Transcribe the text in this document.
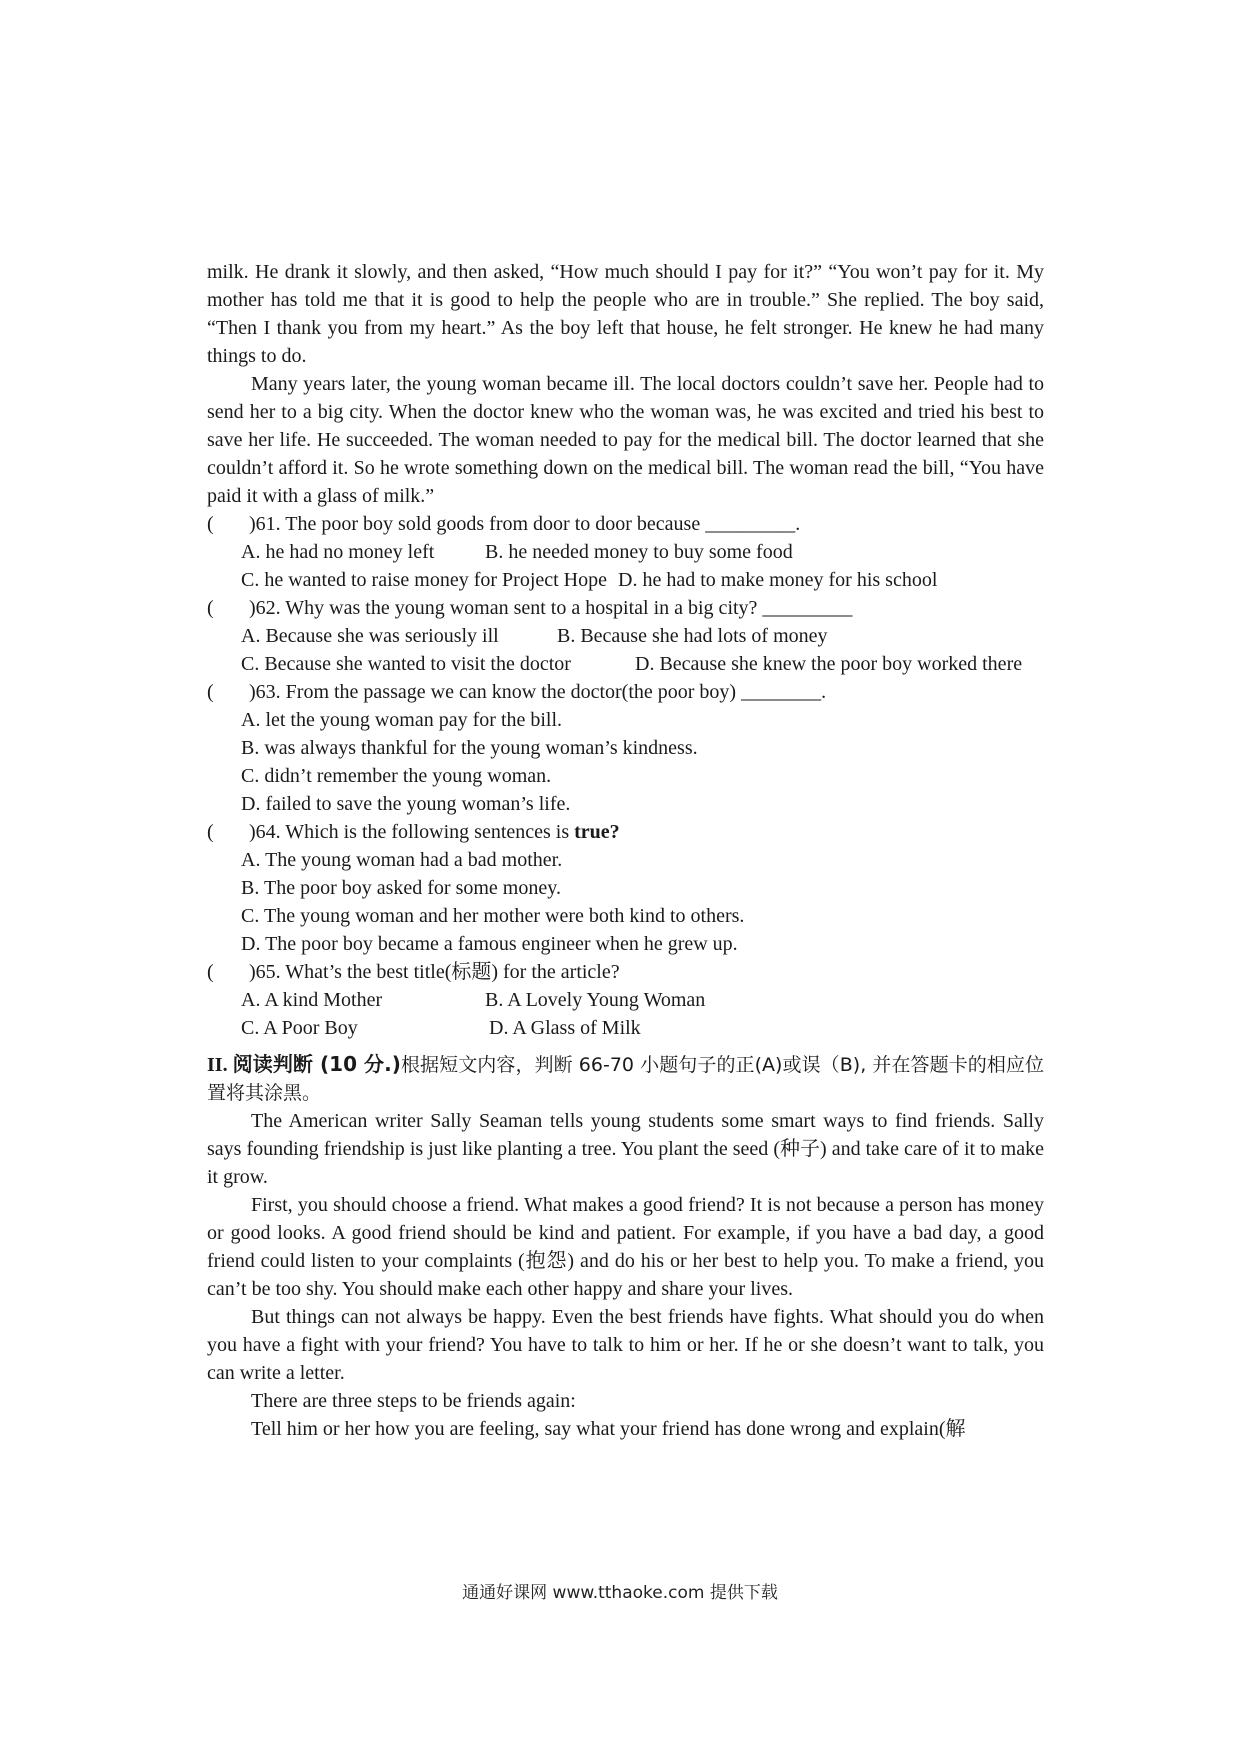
milk. He drank it slowly, and then asked, “How much should I pay for it?” “You won’t pay for it. My mother has told me that it is good to help the people who are in trouble.” She replied. The boy said, “Then I thank you from my heart.” As the boy left that house, he felt stronger. He knew he had many things to do.

Many years later, the young woman became ill. The local doctors couldn’t save her. People had to send her to a big city. When the doctor knew who the woman was, he was excited and tried his best to save her life. He succeeded. The woman needed to pay for the medical bill. The doctor learned that she couldn’t afford it. So he wrote something down on the medical bill. The woman read the bill, “You have paid it with a glass of milk.”

( )61. The poor boy sold goods from door to door because _________.
A. he had no money left	B. he needed money to buy some food
C. he wanted to raise money for Project Hope D. he had to make money for his school
( )62. Why was the young woman sent to a hospital in a big city? _________
A. Because she was seriously ill	B. Because she had lots of money
C. Because she wanted to visit the doctor	D. Because she knew the poor boy worked there
( )63. From the passage we can know the doctor(the poor boy) ________.
A. let the young woman pay for the bill.
B. was always thankful for the young woman’s kindness.
C. didn’t remember the young woman.
D. failed to save the young woman’s life.
( )64. Which is the following sentences is true?
A. The young woman had a bad mother.
B. The poor boy asked for some money.
C. The young woman and her mother were both kind to others.
D. The poor boy became a famous engineer when he grew up.
( )65. What’s the best title(标题) for the article?
A. A kind Mother	B. A Lovely Young Woman
C. A Poor Boy	D. A Glass of Milk
II. 阅读判断 (10 分.)根据短文内容，判断 66-70 小题句子的正(A)或误（B), 并在答题卡的相应位置将其涂黑。

The American writer Sally Seaman tells young students some smart ways to find friends. Sally says founding friendship is just like planting a tree. You plant the seed (种子) and take care of it to make it grow.

First, you should choose a friend. What makes a good friend? It is not because a person has money or good looks. A good friend should be kind and patient. For example, if you have a bad day, a good friend could listen to your complaints (抱怨) and do his or her best to help you. To make a friend, you can’t be too shy. You should make each other happy and share your lives.

But things can not always be happy. Even the best friends have fights. What should you do when you have a fight with your friend? You have to talk to him or her. If he or she doesn’t want to talk, you can write a letter.

There are three steps to be friends again:

Tell him or her how you are feeling, say what your friend has done wrong and explain(解

通通好课网 www.tthaoke.com 提供下载
